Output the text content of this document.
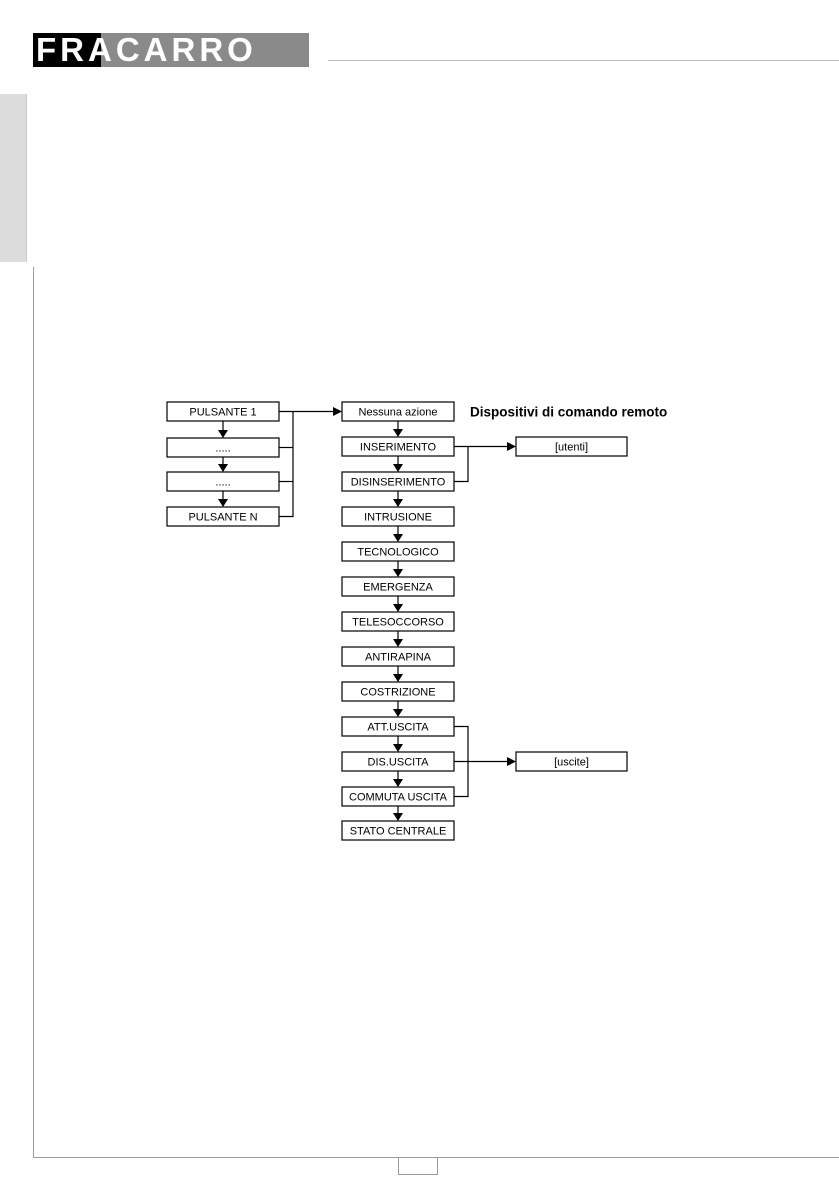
FRACARRO
Dispositivi di comando remoto
PULSANTE 1
.....
.....
PULSANTE N
Nessuna azione
INSERIMENTO
DISINSERIMENTO
INTRUSIONE
TECNOLOGICO
EMERGENZA
TELESOCCORSO
ANTIRAPINA
COSTRIZIONE
ATT.USCITA
DIS.USCITA
COMMUTA USCITA
STATO CENTRALE
[utenti]
[uscite]
